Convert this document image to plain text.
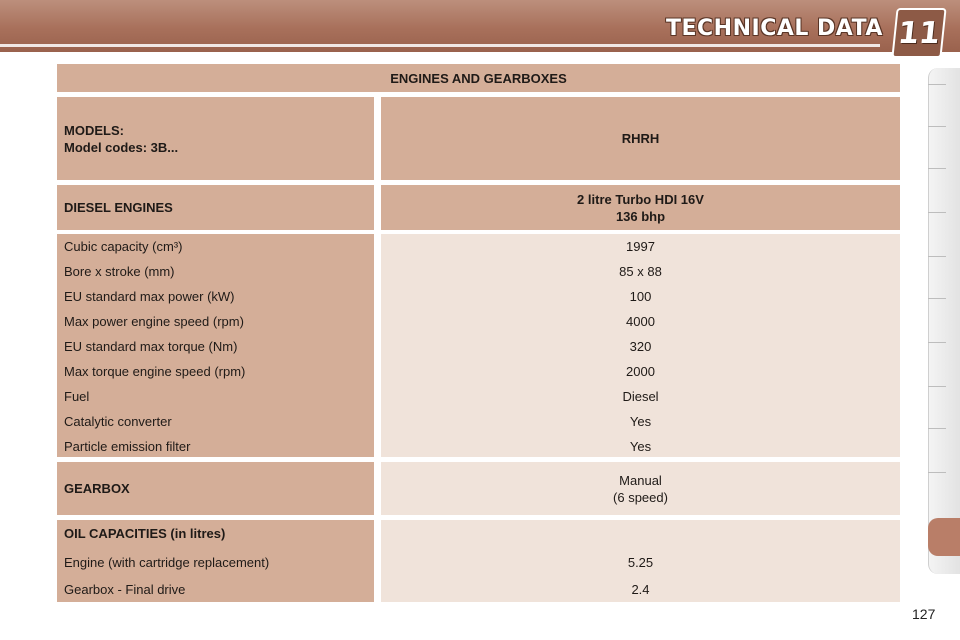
TECHNICAL DATA 11
ENGINES AND GEARBOXES
MODELS:
Model codes: 3B...
RHRH
DIESEL ENGINES
2 litre Turbo HDI 16V
136 bhp
Cubic capacity (cm³)
Bore x stroke (mm)
EU standard max power (kW)
Max power engine speed (rpm)
EU standard max torque (Nm)
Max torque engine speed (rpm)
Fuel
Catalytic converter
Particle emission filter
1997
85 x 88
100
4000
320
2000
Diesel
Yes
Yes
GEARBOX
Manual
(6 speed)
OIL CAPACITIES (in litres)
Engine (with cartridge replacement)
Gearbox - Final drive
5.25
2.4
127
